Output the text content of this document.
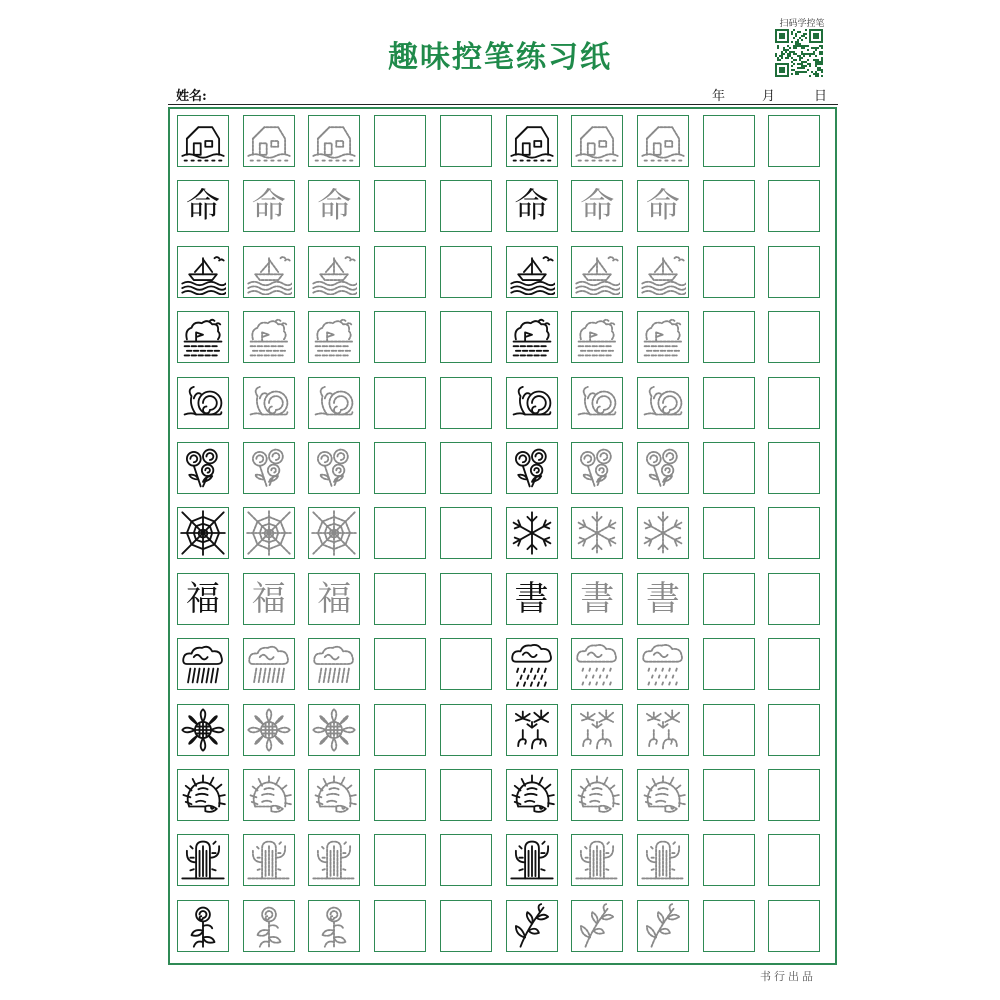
趣味控笔练习纸
扫码学控笔
姓名:	年	月	日
命 命 命	命 命 命
福 福 福	書 書 書
书行出品
